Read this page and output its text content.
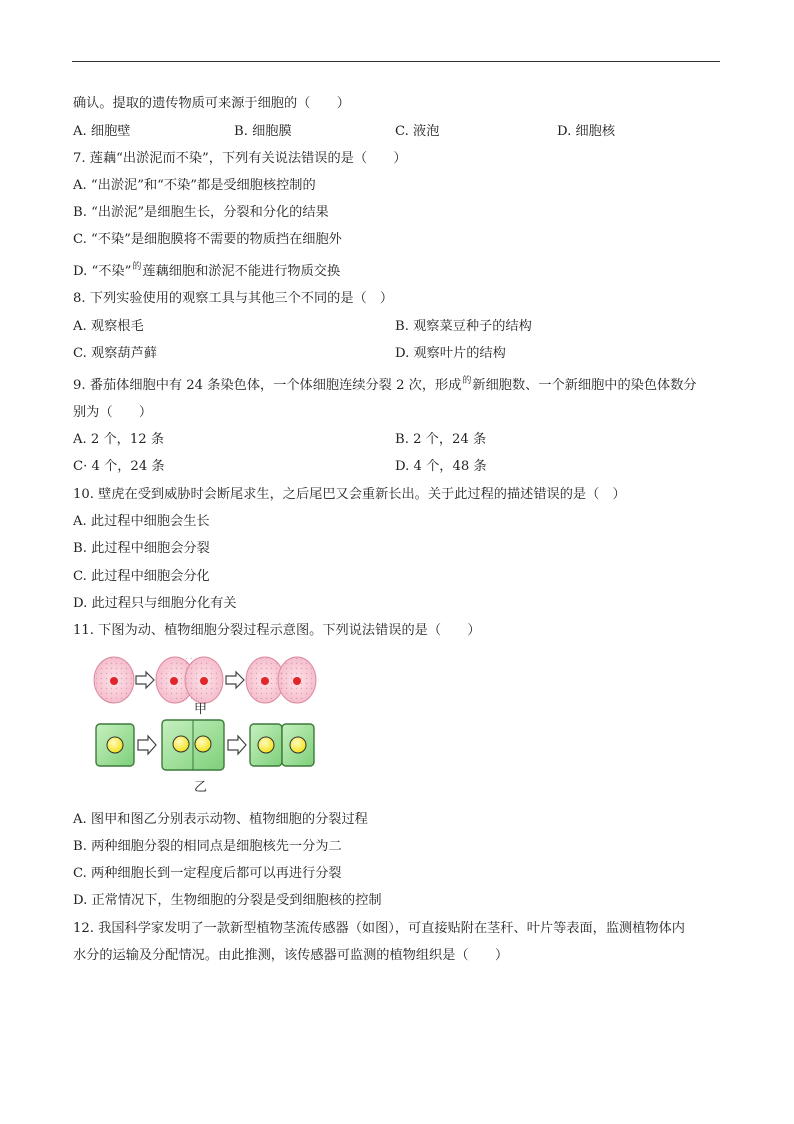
确认。提取的遗传物质可来源于细胞的（　　）
A. 细胞壁	B. 细胞膜	C. 液泡	D. 细胞核
7. 莲藕“出淤泥而不染”，下列有关说法错误的是（　　）
A. “出淤泥”和“不染”都是受细胞核控制的
B. “出淤泥”是细胞生长，分裂和分化的结果
C. “不染”是细胞膜将不需要的物质挡在细胞外
D. “不染”$^的$莲藕细胞和淤泥不能进行物质交换
8. 下列实验使用的观察工具与其他三个不同的是（　）
A. 观察根毛	B. 观察菜豆种子的结构
C. 观察葫芦藓	D. 观察叶片的结构
9. 番茄体细胞中有 24 条染色体，一个体细胞连续分裂 2 次，形成$^的$新细胞数、一个新细胞中的染色体数分
别为（　　）
A. 2 个，12 条	B. 2 个，24 条
C· 4 个，24 条	D. 4 个，48 条
10. 壁虎在受到威胁时会断尾求生，之后尾巴又会重新长出。关于此过程的描述错误的是（　）
A. 此过程中细胞会生长
B. 此过程中细胞会分裂
C. 此过程中细胞会分化
D. 此过程只与细胞分化有关
11. 下图为动、植物细胞分裂过程示意图。下列说法错误的是（　　）
甲
乙
A. 图甲和图乙分别表示动物、植物细胞的分裂过程
B. 两种细胞分裂的相同点是细胞核先一分为二
C. 两种细胞长到一定程度后都可以再进行分裂
D. 正常情况下，生物细胞的分裂是受到细胞核的控制
12. 我国科学家发明了一款新型植物茎流传感器（如图），可直接贴附在茎秆、叶片等表面，监测植物体内
水分的运输及分配情况。由此推测，该传感器可监测的植物组织是（　　）
